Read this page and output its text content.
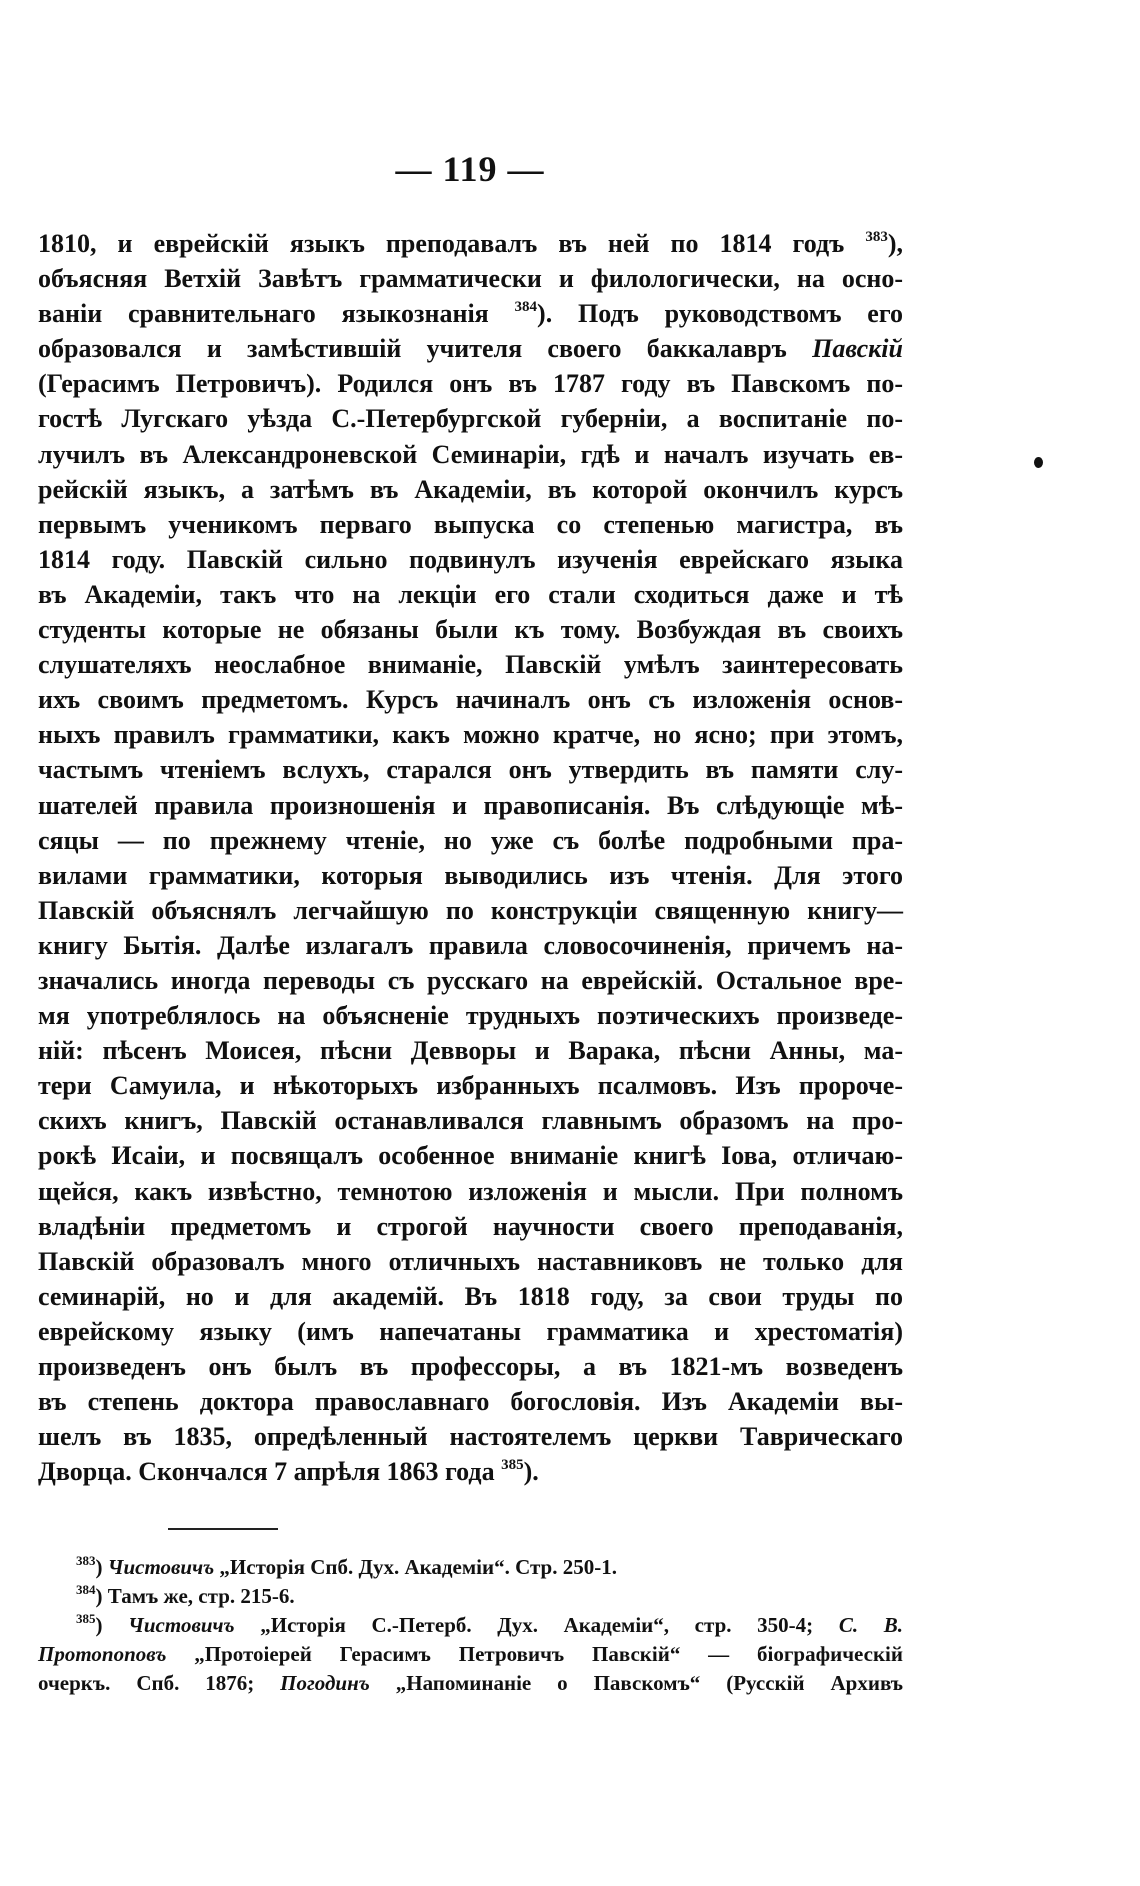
— 119 —
1810, и еврейскій языкъ преподавалъ въ ней по 1814 годъ $^{383}$),
объясняя Ветхій Завѣтъ грамматически и филологически, на осно-
ваніи сравнительнаго языкознанія $^{384}$). Подъ руководствомъ его
образовался и замѣстившій учителя своего баккалавръ Павскій
(Герасимъ Петровичъ). Родился онъ въ 1787 году въ Павскомъ по-
гостѣ Лугскаго уѣзда С.-Петербургской губерніи, а воспитаніе по-
лучилъ въ Александроневской Семинаріи, гдѣ и началъ изучать ев-
рейскій языкъ, а затѣмъ въ Академіи, въ которой окончилъ курсъ
первымъ ученикомъ перваго выпуска со степенью магистра, въ
1814 году. Павскій сильно подвинулъ изученія еврейскаго языка
въ Академіи, такъ что на лекціи его стали сходиться даже и тѣ
студенты которые не обязаны были къ тому. Возбуждая въ своихъ
слушателяхъ неослабное вниманіе, Павскій умѣлъ заинтересовать
ихъ своимъ предметомъ. Курсъ начиналъ онъ съ изложенія основ-
ныхъ правилъ грамматики, какъ можно кратче, но ясно; при этомъ,
частымъ чтеніемъ вслухъ, старался онъ утвердить въ памяти слу-
шателей правила произношенія и правописанія. Въ слѣдующіе мѣ-
сяцы — по прежнему чтеніе, но уже съ болѣе подробными пра-
вилами грамматики, которыя выводились изъ чтенія. Для этого
Павскій объяснялъ легчайшую по конструкціи священную книгу—
книгу Бытія. Далѣе излагалъ правила словосочиненія, причемъ на-
значались иногда переводы съ русскаго на еврейскій. Остальное вре-
мя употреблялось на объясненіе трудныхъ поэтическихъ произведе-
ній: пѣсенъ Моисея, пѣсни Девворы и Варака, пѣсни Анны, ма-
тери Самуила, и нѣкоторыхъ избранныхъ псалмовъ. Изъ пророче-
скихъ книгъ, Павскій останавливался главнымъ образомъ на про-
рокѣ Исаіи, и посвящалъ особенное вниманіе книгѣ Іова, отличаю-
щейся, какъ извѣстно, темнотою изложенія и мысли. При полномъ
владѣніи предметомъ и строгой научности своего преподаванія,
Павскій образовалъ много отличныхъ наставниковъ не только для
семинарій, но и для академій. Въ 1818 году, за свои труды по
еврейскому языку (имъ напечатаны грамматика и хрестоматія)
произведенъ онъ былъ въ профессоры, а въ 1821-мъ возведенъ
въ степень доктора православнаго богословія. Изъ Академіи вы-
шелъ въ 1835, опредѣленный настоятелемъ церкви Таврическаго
Дворца. Скончался 7 апрѣля 1863 года $^{385}$).
$^{383}$) Чистовичъ „Исторія Спб. Дух. Академіи“. Стр. 250-1.
$^{384}$) Тамъ же, стр. 215-6.
$^{385}$) Чистовичъ „Исторія С.-Петерб. Дух. Академіи“, стр. 350-4; С. В.
Протопоповъ „Протоіерей Герасимъ Петровичъ Павскій“ — біографическій
очеркъ. Спб. 1876; Погодинъ „Напоминаніе о Павскомъ“ (Русскій Архивъ
